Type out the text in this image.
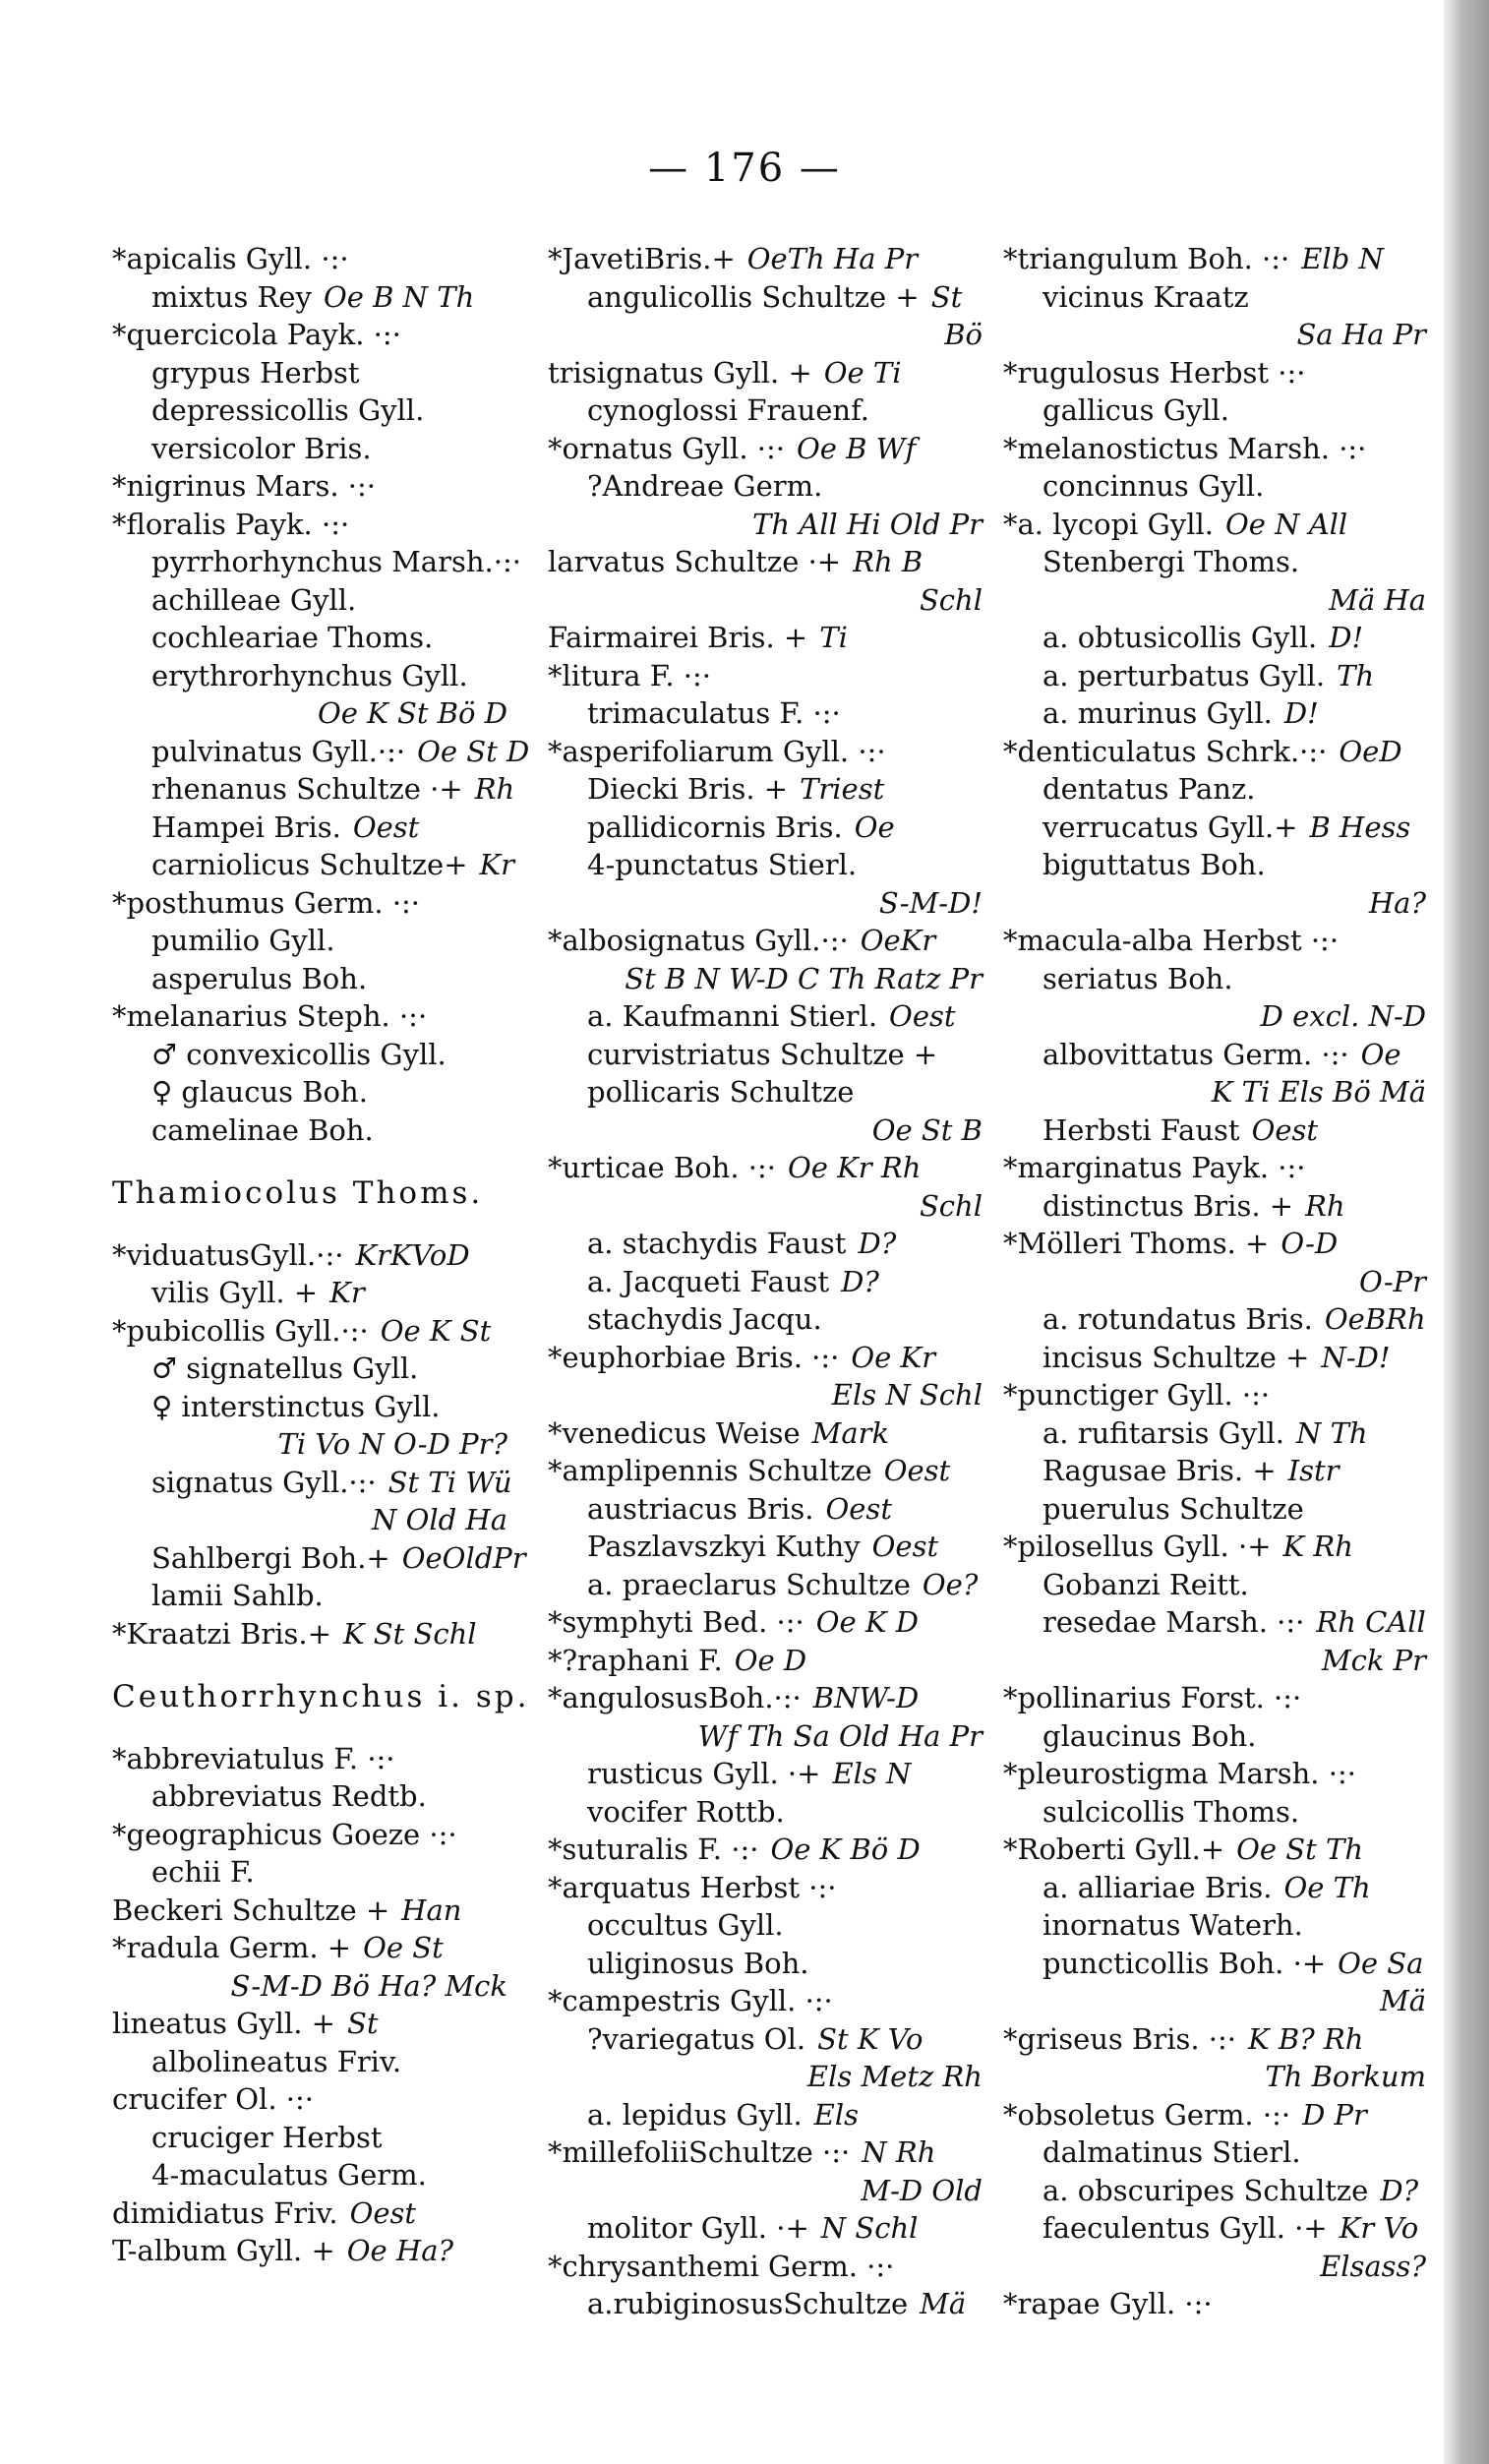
— 176 —
*apicalis Gyll. ·:·
mixtus Rey Oe B N Th
*quercicola Payk. ·:·
grypus Herbst
depressicollis Gyll.
versicolor Bris.
*nigrinus Mars. ·:·
*floralis Payk. ·:·
pyrrhorhynchus Marsh.·:·
achilleae Gyll.
cochleariae Thoms.
erythrorhynchus Gyll.
Oe K St Bö D
pulvinatus Gyll.·:· Oe St D
rhenanus Schultze ·+ Rh
Hampei Bris. Oest
carniolicus Schultze+ Kr
*posthumus Germ. ·:·
pumilio Gyll.
asperulus Boh.
*melanarius Steph. ·:·
♂ convexicollis Gyll.
♀ glaucus Boh.
camelinae Boh.
Thamiocolus Thoms.
*viduatusGyll.·:· KrKVoD
vilis Gyll. + Kr
*pubicollis Gyll.·:· Oe K St
♂ signatellus Gyll.
♀ interstinctus Gyll.
Ti Vo N O-D Pr?
signatus Gyll.·:· St Ti Wü
N Old Ha
Sahlbergi Boh.+ OeOldPr
lamii Sahlb.
*Kraatzi Bris.+ K St Schl
Ceuthorrhynchus i. sp.
*abbreviatulus F. ·:·
abbreviatus Redtb.
*geographicus Goeze ·:·
echii F.
Beckeri Schultze + Han
*radula Germ. + Oe St
S-M-D Bö Ha? Mck
lineatus Gyll. + St
albolineatus Friv.
crucifer Ol. ·:·
cruciger Herbst
4-maculatus Germ.
dimidiatus Friv. Oest
T-album Gyll. + Oe Ha?
*JavetiBris.+ OeTh Ha Pr
angulicollis Schultze + St
Bö
trisignatus Gyll. + Oe Ti
cynoglossi Frauenf.
*ornatus Gyll. ·:· Oe B Wf
?Andreae Germ.
Th All Hi Old Pr
larvatus Schultze ·+ Rh B
Schl
Fairmairei Bris. + Ti
*litura F. ·:·
trimaculatus F. ·:·
*asperifoliarum Gyll. ·:·
Diecki Bris. + Triest
pallidicornis Bris. Oe
4-punctatus Stierl.
S-M-D!
*albosignatus Gyll.·:· OeKr
St B N W-D C Th Ratz Pr
a. Kaufmanni Stierl. Oest
curvistriatus Schultze +
pollicaris Schultze
Oe St B
*urticae Boh. ·:· Oe Kr Rh
Schl
a. stachydis Faust D?
a. Jacqueti Faust D?
stachydis Jacqu.
*euphorbiae Bris. ·:· Oe Kr
Els N Schl
*venedicus Weise Mark
*amplipennis Schultze Oest
austriacus Bris. Oest
Paszlavszkyi Kuthy Oest
a. praeclarus Schultze Oe?
*symphyti Bed. ·:· Oe K D
*?raphani F. Oe D
*angulosusBoh.·:· BNW-D
Wf Th Sa Old Ha Pr
rusticus Gyll. ·+ Els N
vocifer Rottb.
*suturalis F. ·:· Oe K Bö D
*arquatus Herbst ·:·
occultus Gyll.
uliginosus Boh.
*campestris Gyll. ·:·
?variegatus Ol. St K Vo
Els Metz Rh
a. lepidus Gyll. Els
*millefoliiSchultze ·:· N Rh
M-D Old
molitor Gyll. ·+ N Schl
*chrysanthemi Germ. ·:·
a.rubiginosusSchultze Mä
*triangulum Boh. ·:· Elb N
vicinus Kraatz
Sa Ha Pr
*rugulosus Herbst ·:·
gallicus Gyll.
*melanostictus Marsh. ·:·
concinnus Gyll.
*a. lycopi Gyll. Oe N All
Stenbergi Thoms.
Mä Ha
a. obtusicollis Gyll. D!
a. perturbatus Gyll. Th
a. murinus Gyll. D!
*denticulatus Schrk.·:· OeD
dentatus Panz.
verrucatus Gyll.+ B Hess
biguttatus Boh.
Ha?
*macula-alba Herbst ·:·
seriatus Boh.
D excl. N-D
albovittatus Germ. ·:· Oe
K Ti Els Bö Mä
Herbsti Faust Oest
*marginatus Payk. ·:·
distinctus Bris. + Rh
*Mölleri Thoms. + O-D
O-Pr
a. rotundatus Bris. OeBRh
incisus Schultze + N-D!
*punctiger Gyll. ·:·
a. rufitarsis Gyll. N Th
Ragusae Bris. + Istr
puerulus Schultze
*pilosellus Gyll. ·+ K Rh
Gobanzi Reitt.
resedae Marsh. ·:· Rh CAll
Mck Pr
*pollinarius Forst. ·:·
glaucinus Boh.
*pleurostigma Marsh. ·:·
sulcicollis Thoms.
*Roberti Gyll.+ Oe St Th
a. alliariae Bris. Oe Th
inornatus Waterh.
puncticollis Boh. ·+ Oe Sa
Mä
*griseus Bris. ·:· K B? Rh
Th Borkum
*obsoletus Germ. ·:· D Pr
dalmatinus Stierl.
a. obscuripes Schultze D?
faeculentus Gyll. ·+ Kr Vo
Elsass?
*rapae Gyll. ·:·
